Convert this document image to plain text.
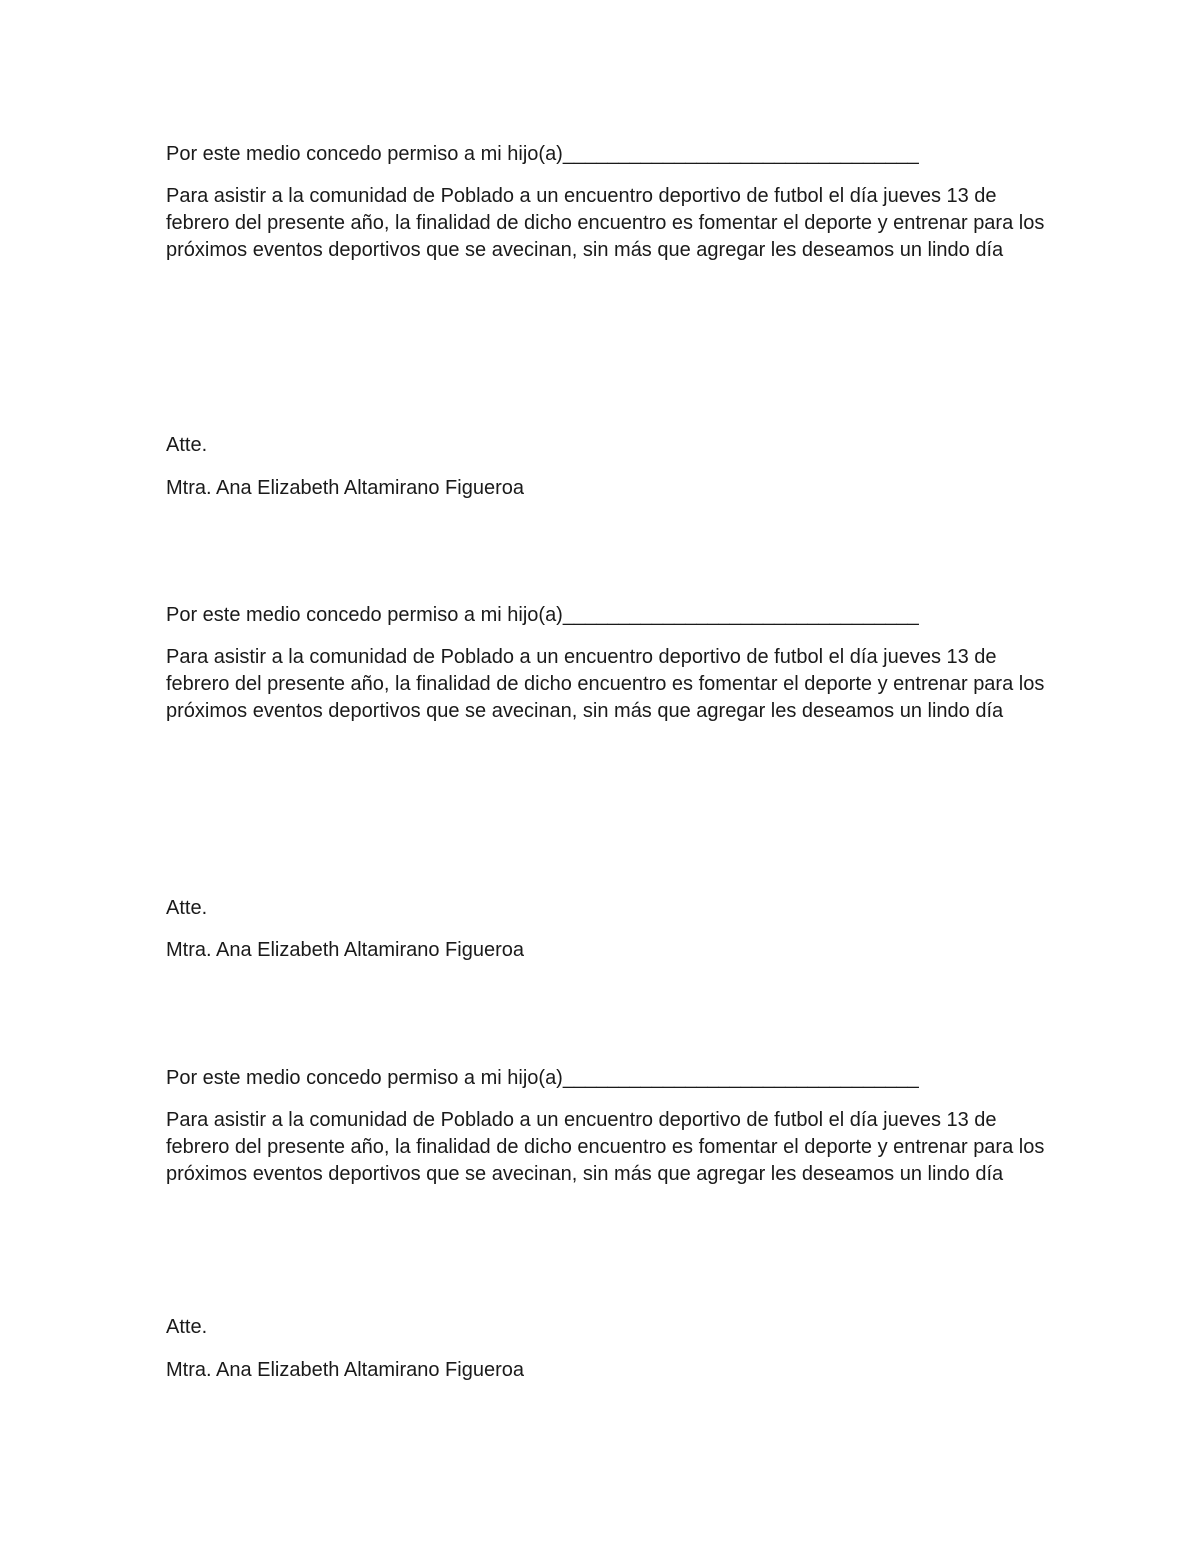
Por este medio concedo permiso a mi hijo(a)________________________________

Para asistir a la comunidad de Poblado a un encuentro deportivo de futbol el día jueves 13 de febrero del presente año, la finalidad de dicho encuentro es fomentar el deporte y entrenar para los próximos eventos deportivos que se avecinan, sin más que agregar les deseamos un lindo día

Atte.
Mtra. Ana Elizabeth Altamirano Figueroa
Por este medio concedo permiso a mi hijo(a)________________________________

Para asistir a la comunidad de Poblado a un encuentro deportivo de futbol el día jueves 13 de febrero del presente año, la finalidad de dicho encuentro es fomentar el deporte y entrenar para los próximos eventos deportivos que se avecinan, sin más que agregar les deseamos un lindo día

Atte.
Mtra. Ana Elizabeth Altamirano Figueroa
Por este medio concedo permiso a mi hijo(a)________________________________

Para asistir a la comunidad de Poblado a un encuentro deportivo de futbol el día jueves 13 de febrero del presente año, la finalidad de dicho encuentro es fomentar el deporte y entrenar para los próximos eventos deportivos que se avecinan, sin más que agregar les deseamos un lindo día

Atte.
Mtra. Ana Elizabeth Altamirano Figueroa
